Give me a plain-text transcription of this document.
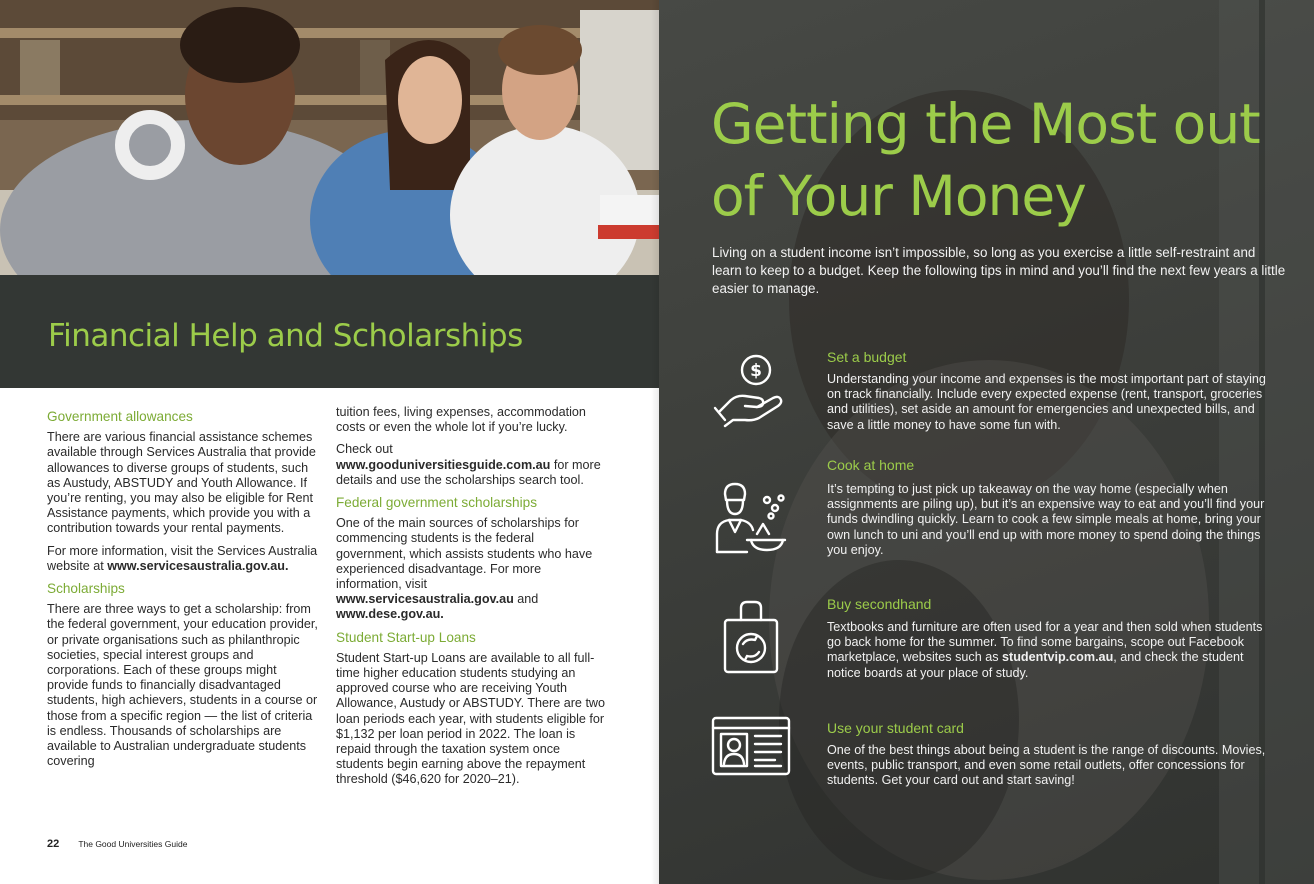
Financial Help and Scholarships
Government allowances

There are various financial assistance schemes available through Services Australia that provide allowances to diverse groups of students, such as Austudy, ABSTUDY and Youth Allowance. If you’re renting, you may also be eligible for Rent Assistance payments, which provide you with a contribution towards your rental payments.

For more information, visit the Services Australia website at www.servicesaustralia.gov.au.

Scholarships

There are three ways to get a scholarship: from the federal government, your education provider, or private organisations such as philanthropic societies, special interest groups and corporations. Each of these groups might provide funds to financially disadvantaged students, high achievers, students in a course or those from a specific region — the list of criteria is endless. Thousands of scholarships are available to Australian undergraduate students covering

tuition fees, living expenses, accommodation costs or even the whole lot if you’re lucky.

Check out www.gooduniversitiesguide.com.au for more details and use the scholarships search tool.

Federal government scholarships

One of the main sources of scholarships for commencing students is the federal government, which assists students who have experienced disadvantage. For more information, visit www.servicesaustralia.gov.au and www.dese.gov.au.

Student Start-up Loans

Student Start-up Loans are available to all full-time higher education students studying an approved course who are receiving Youth Allowance, Austudy or ABSTUDY. There are two loan periods each year, with students eligible for $1,132 per loan period in 2022. The loan is repaid through the taxation system once students begin earning above the repayment threshold ($46,620 for 2020–21).

22 The Good Universities Guide
Getting the Most out of Your Money

Living on a student income isn’t impossible, so long as you exercise a little self-restraint and learn to keep to a budget. Keep the following tips in mind and you’ll find the next few years a little easier to manage.

$
Set a budget

Understanding your income and expenses is the most important part of staying on track financially. Include every expected expense (rent, transport, groceries and utilities), set aside an amount for emergencies and unexpected bills, and save a little money to have some fun with.

Cook at home

It’s tempting to just pick up takeaway on the way home (especially when assignments are piling up), but it’s an expensive way to eat and you’ll find your funds dwindling quickly. Learn to cook a few simple meals at home, bring your own lunch to uni and you’ll end up with more money to spend doing the things you enjoy.

Buy secondhand

Textbooks and furniture are often used for a year and then sold when students go back home for the summer. To find some bargains, scope out Facebook marketplace, websites such as studentvip.com.au, and check the student notice boards at your place of study.

Use your student card

One of the best things about being a student is the range of discounts. Movies, events, public transport, and even some retail outlets, offer concessions for students. Get your card out and start saving!
